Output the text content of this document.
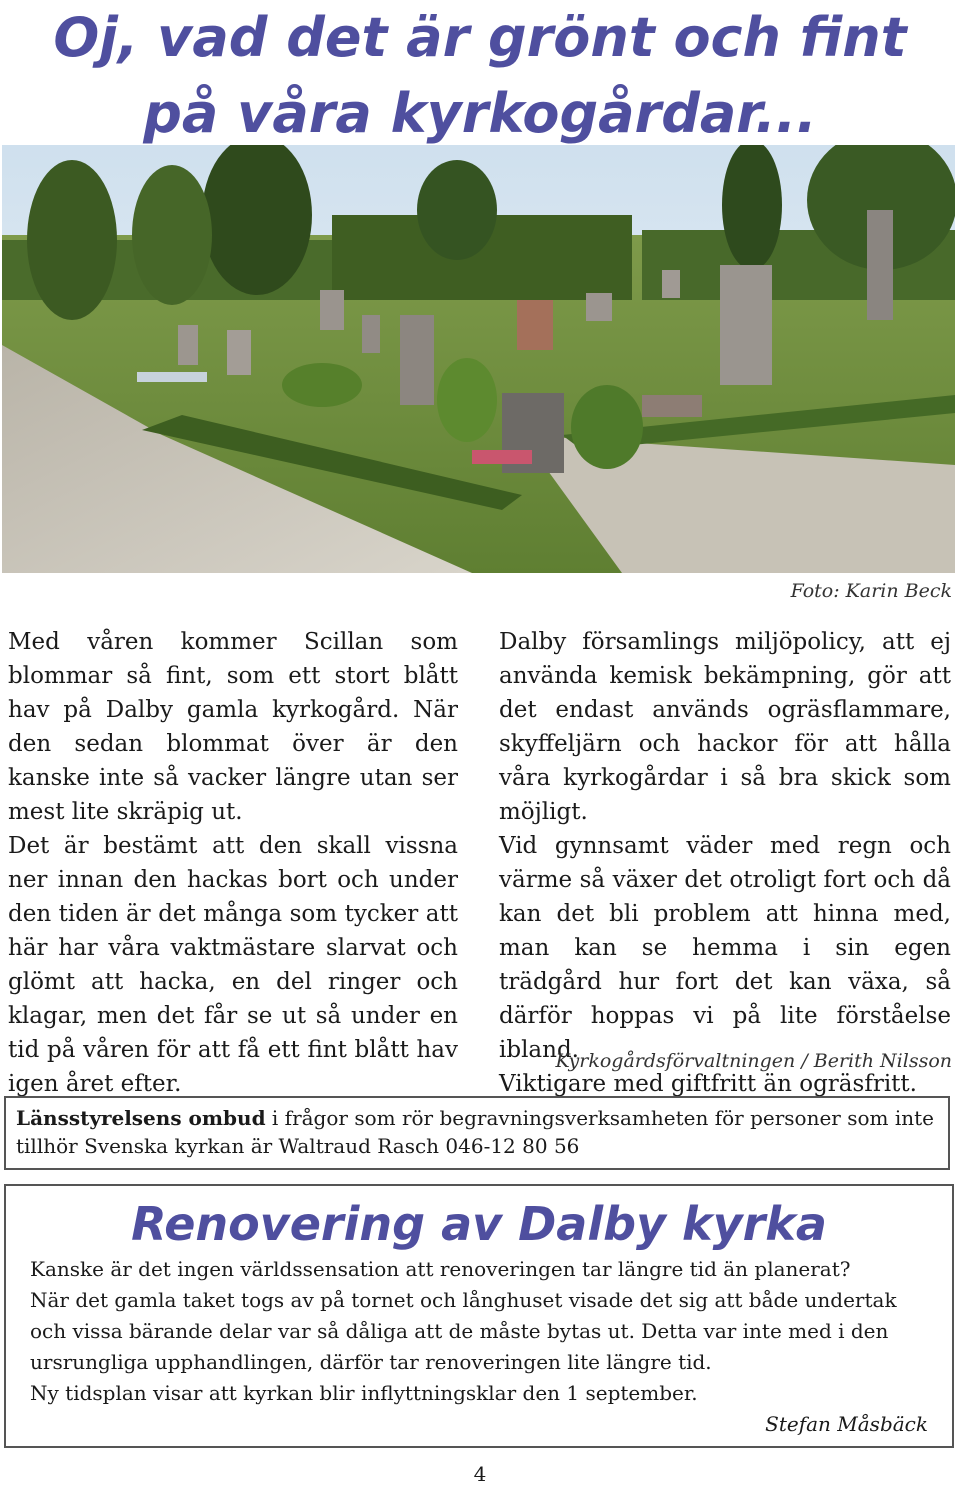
Oj, vad det är grönt och fint
på våra kyrkogårdar...
Foto: Karin Beck

Med våren kommer Scillan som blommar så fint, som ett stort blått hav på Dalby gamla kyrkogård. När den sedan blommat över är den kanske inte så vacker längre utan ser mest lite skräpig ut.

Det är bestämt att den skall vissna ner innan den hackas bort och under den tiden är det många som tycker att här har våra vaktmästare slarvat och glömt att hacka, en del ringer och klagar, men det får se ut så under en tid på våren för att få ett fint blått hav igen året efter.

Dalby församlings miljöpolicy, att ej använda kemisk bekämpning, gör att det endast används ogräsflammare, skyffeljärn och hackor för att hålla våra kyrkogårdar i så bra skick som möjligt.

Vid gynnsamt väder med regn och värme så växer det otroligt fort och då kan det bli problem att hinna med, man kan se hemma i sin egen trädgård hur fort det kan växa, så därför hoppas vi på lite förståelse ibland.

Viktigare med giftfritt än ogräsfritt.

Kyrkogårdsförvaltningen / Berith Nilsson
Länsstyrelsens ombud i frågor som rör begravningsverksamheten för personer som inte tillhör Svenska kyrkan är Waltraud Rasch 046-12 80 56
Renovering av Dalby kyrka

Kanske är det ingen världssensation att renoveringen tar längre tid än planerat?

När det gamla taket togs av på tornet och långhuset visade det sig att både undertak och vissa bärande delar var så dåliga att de måste bytas ut. Detta var inte med i den ursrungliga upphandlingen, därför tar renoveringen lite längre tid.

Ny tidsplan visar att kyrkan blir inflyttningsklar den 1 september.

Stefan Måsbäck
4
